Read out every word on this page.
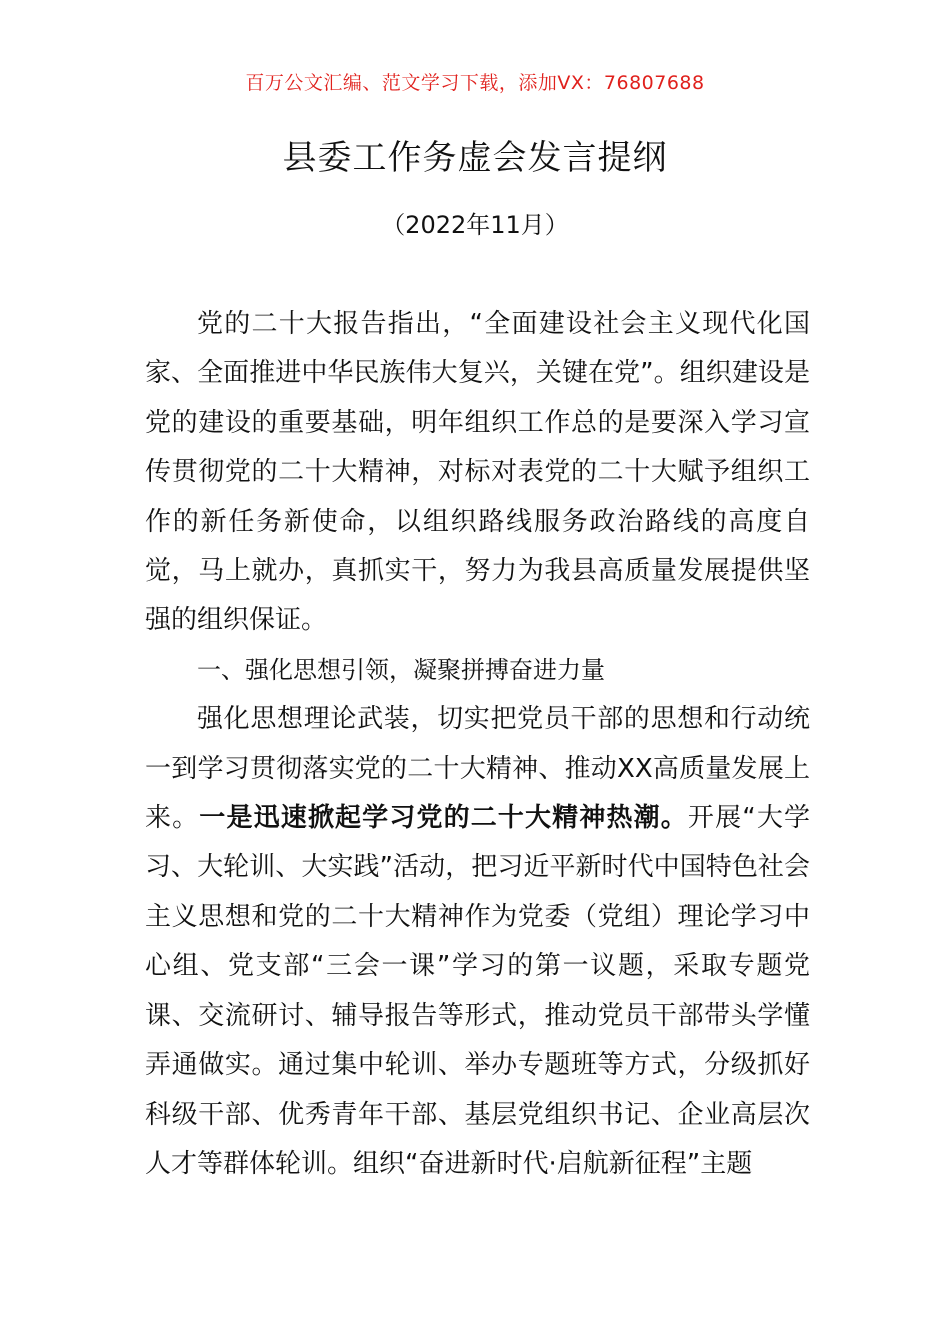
百万公文汇编、范文学习下载，添加VX：76807688
县委工作务虚会发言提纲
（2022年11月）

党的二十大报告指出，“全面建设社会主义现代化国家、全面推进中华民族伟大复兴，关键在党”。组织建设是党的建设的重要基础，明年组织工作总的是要深入学习宣传贯彻党的二十大精神，对标对表党的二十大赋予组织工作的新任务新使命，以组织路线服务政治路线的高度自觉，马上就办，真抓实干，努力为我县高质量发展提供坚强的组织保证。

一、强化思想引领，凝聚拼搏奋进力量

强化思想理论武装，切实把党员干部的思想和行动统一到学习贯彻落实党的二十大精神、推动XX高质量发展上来。一是迅速掀起学习党的二十大精神热潮。开展“大学习、大轮训、大实践”活动，把习近平新时代中国特色社会主义思想和党的二十大精神作为党委（党组）理论学习中心组、党支部“三会一课”学习的第一议题，采取专题党课、交流研讨、辅导报告等形式，推动党员干部带头学懂弄通做实。通过集中轮训、举办专题班等方式，分级抓好科级干部、优秀青年干部、基层党组织书记、企业高层次人才等群体轮训。组织“奋进新时代·启航新征程”主题
